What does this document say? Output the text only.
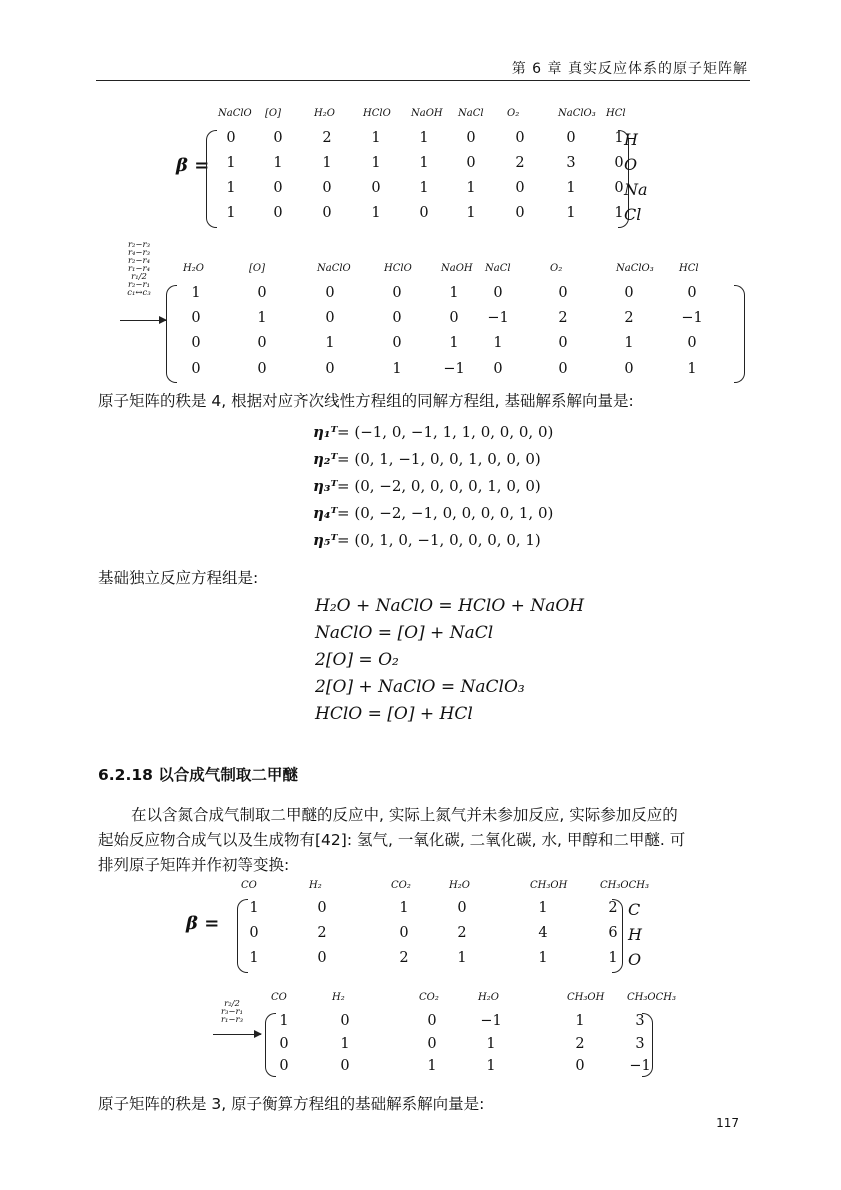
第 6 章 真实反应体系的原子矩阵解
β =
NaClO [O]	H₂O	HClO NaOH NaCl O₂	NaClO₃ HCl
0	0	2	1	1	0	0	0	1 H
1	1	1	1	1	0	2	3	0 O
1	0	0	0	1	1	0	1	0 Na
1	0	0	1	0	1	0	1	1 Cl
r₂−r₃
r₄−r₃
r₂−r₄
r₁−r₄
r₁/2
r₂−r₁
c₁↔c₃
H₂O	[O]	NaClO	HClO	NaOH NaCl	O₂	NaClO₃	HCl
1	0	0	0	1	0	0	0	0
0	1	0	0	0	−1	2	2	−1
0	0	1	0	1	1	0	1	0
0	0	0	1	−1	0	0	0	1
原子矩阵的秩是 4, 根据对应齐次线性方程组的同解方程组, 基础解系解向量是:
η₁ᵀ = (−1, 0, −1, 1, 1, 0, 0, 0, 0)
η₂ᵀ = (0, 1, −1, 0, 0, 1, 0, 0, 0)
η₃ᵀ = (0, −2, 0, 0, 0, 0, 1, 0, 0)
η₄ᵀ = (0, −2, −1, 0, 0, 0, 0, 1, 0)
η₅ᵀ = (0, 1, 0, −1, 0, 0, 0, 0, 1)
基础独立反应方程组是:
H₂O + NaClO = HClO + NaOH
NaClO = [O] + NaCl
2[O] = O₂
2[O] + NaClO = NaClO₃
HClO = [O] + HCl
6.2.18 以合成气制取二甲醚
在以含氮合成气制取二甲醚的反应中, 实际上氮气并未参加反应, 实际参加反应的
起始反应物合成气以及生成物有[42]: 氢气, 一氧化碳, 二氧化碳, 水, 甲醇和二甲醚. 可
排列原子矩阵并作初等变换:
β =
CO	H₂	CO₂	H₂O	CH₃OH	CH₃OCH₃
1	0	1	0	1	2 C
0	2	0	2	4	6 H
1	0	2	1	1	1 O
r₂/2
r₃−r₁
r₁−r₃
CO	H₂	CO₂	H₂O	CH₃OH CH₃OCH₃
1	0	0	−1	1	3
0	1	0	1	2	3
0	0	1	1	0	−1
原子矩阵的秩是 3, 原子衡算方程组的基础解系解向量是:
117
